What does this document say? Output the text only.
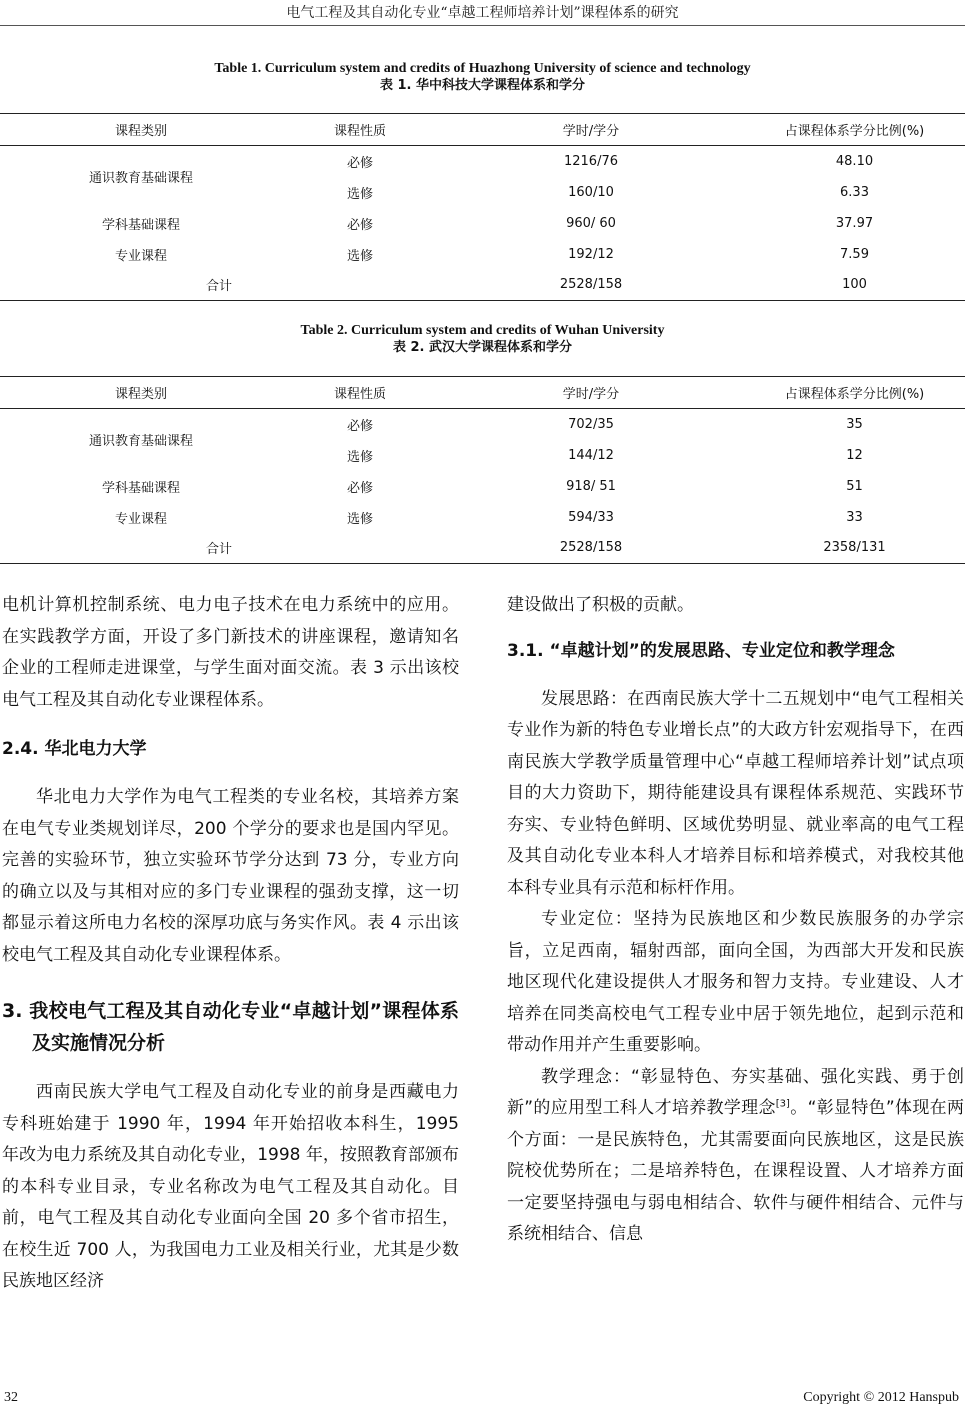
电气工程及其自动化专业“卓越工程师培养计划”课程体系的研究
Table 1. Curriculum system and credits of Huazhong University of science and technology
表 1. 华中科技大学课程体系和学分
课程类别	课程性质	学时/学分	占课程体系学分比例(%)
通识教育基础课程	必修	1216/76	48.10
	选修	160/10	6.33
学科基础课程	必修	960/ 60	37.97
专业课程	选修	192/12	7.59
合计		2528/158	100
Table 2. Curriculum system and credits of Wuhan University
表 2. 武汉大学课程体系和学分
课程类别	课程性质	学时/学分	占课程体系学分比例(%)
通识教育基础课程	必修	702/35	35
	选修	144/12	12
学科基础课程	必修	918/ 51	51
专业课程	选修	594/33	33
合计		2528/158	2358/131

电机计算机控制系统、电力电子技术在电力系统中的应用。在实践教学方面，开设了多门新技术的讲座课程，邀请知名企业的工程师走进课堂，与学生面对面交流。表 3 示出该校电气工程及其自动化专业课程体系。

2.4. 华北电力大学

华北电力大学作为电气工程类的专业名校，其培养方案在电气专业类规划详尽，200 个学分的要求也是国内罕见。完善的实验环节，独立实验环节学分达到 73 分，专业方向的确立以及与其相对应的多门专业课程的强劲支撑，这一切都显示着这所电力名校的深厚功底与务实作风。表 4 示出该校电气工程及其自动化专业课程体系。

3. 我校电气工程及其自动化专业“卓越计划”课程体系及实施情况分析

西南民族大学电气工程及自动化专业的前身是西藏电力专科班始建于 1990 年，1994 年开始招收本科生，1995 年改为电力系统及其自动化专业，1998 年，按照教育部颁布的本科专业目录，专业名称改为电气工程及其自动化。目前，电气工程及其自动化专业面向全国 20 多个省市招生，在校生近 700 人，为我国电力工业及相关行业，尤其是少数民族地区经济

建设做出了积极的贡献。

3.1. “卓越计划”的发展思路、专业定位和教学理念

发展思路：在西南民族大学十二五规划中“电气工程相关专业作为新的特色专业增长点”的大政方针宏观指导下，在西南民族大学教学质量管理中心“卓越工程师培养计划”试点项目的大力资助下，期待能建设具有课程体系规范、实践环节夯实、专业特色鲜明、区域优势明显、就业率高的电气工程及其自动化专业本科人才培养目标和培养模式，对我校其他本科专业具有示范和标杆作用。

专业定位：坚持为民族地区和少数民族服务的办学宗旨，立足西南，辐射西部，面向全国，为西部大开发和民族地区现代化建设提供人才服务和智力支持。专业建设、人才培养在同类高校电气工程专业中居于领先地位，起到示范和带动作用并产生重要影响。

教学理念：“彰显特色、夯实基础、强化实践、勇于创新”的应用型工科人才培养教学理念[3]。“彰显特色”体现在两个方面：一是民族特色，尤其需要面向民族地区，这是民族院校优势所在；二是培养特色，在课程设置、人才培养方面一定要坚持强电与弱电相结合、软件与硬件相结合、元件与系统相结合、信息

32	Copyright © 2012 Hanspub
